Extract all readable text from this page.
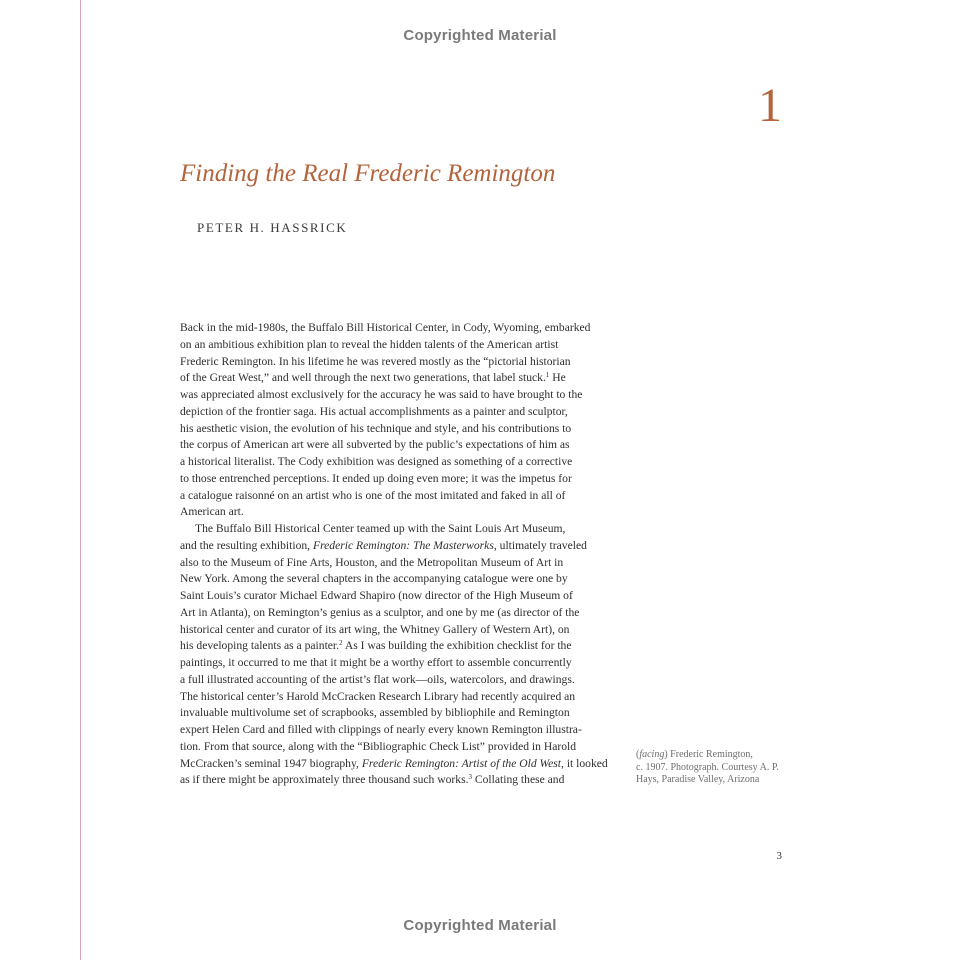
Copyrighted Material
1
Finding the Real Frederic Remington
PETER H. HASSRICK
Back in the mid-1980s, the Buffalo Bill Historical Center, in Cody, Wyoming, embarked
on an ambitious exhibition plan to reveal the hidden talents of the American artist
Frederic Remington. In his lifetime he was revered mostly as the “pictorial historian
of the Great West,” and well through the next two generations, that label stuck.$^1$ He
was appreciated almost exclusively for the accuracy he was said to have brought to the
depiction of the frontier saga. His actual accomplishments as a painter and sculptor,
his aesthetic vision, the evolution of his technique and style, and his contributions to
the corpus of American art were all subverted by the public’s expectations of him as
a historical literalist. The Cody exhibition was designed as something of a corrective
to those entrenched perceptions. It ended up doing even more; it was the impetus for
a catalogue raisonné on an artist who is one of the most imitated and faked in all of
American art.
The Buffalo Bill Historical Center teamed up with the Saint Louis Art Museum,
and the resulting exhibition, Frederic Remington: The Masterworks, ultimately traveled
also to the Museum of Fine Arts, Houston, and the Metropolitan Museum of Art in
New York. Among the several chapters in the accompanying catalogue were one by
Saint Louis’s curator Michael Edward Shapiro (now director of the High Museum of
Art in Atlanta), on Remington’s genius as a sculptor, and one by me (as director of the
historical center and curator of its art wing, the Whitney Gallery of Western Art), on
his developing talents as a painter.$^2$ As I was building the exhibition checklist for the
paintings, it occurred to me that it might be a worthy effort to assemble concurrently
a full illustrated accounting of the artist’s flat work—oils, watercolors, and drawings.
The historical center’s Harold McCracken Research Library had recently acquired an
invaluable multivolume set of scrapbooks, assembled by bibliophile and Remington
expert Helen Card and filled with clippings of nearly every known Remington illustra-
tion. From that source, along with the “Bibliographic Check List” provided in Harold
McCracken’s seminal 1947 biography, Frederic Remington: Artist of the Old West, it looked
as if there might be approximately three thousand such works.$^3$ Collating these and
(facing) Frederic Remington,
c. 1907. Photograph. Courtesy A. P.
Hays, Paradise Valley, Arizona
3
Copyrighted Material
